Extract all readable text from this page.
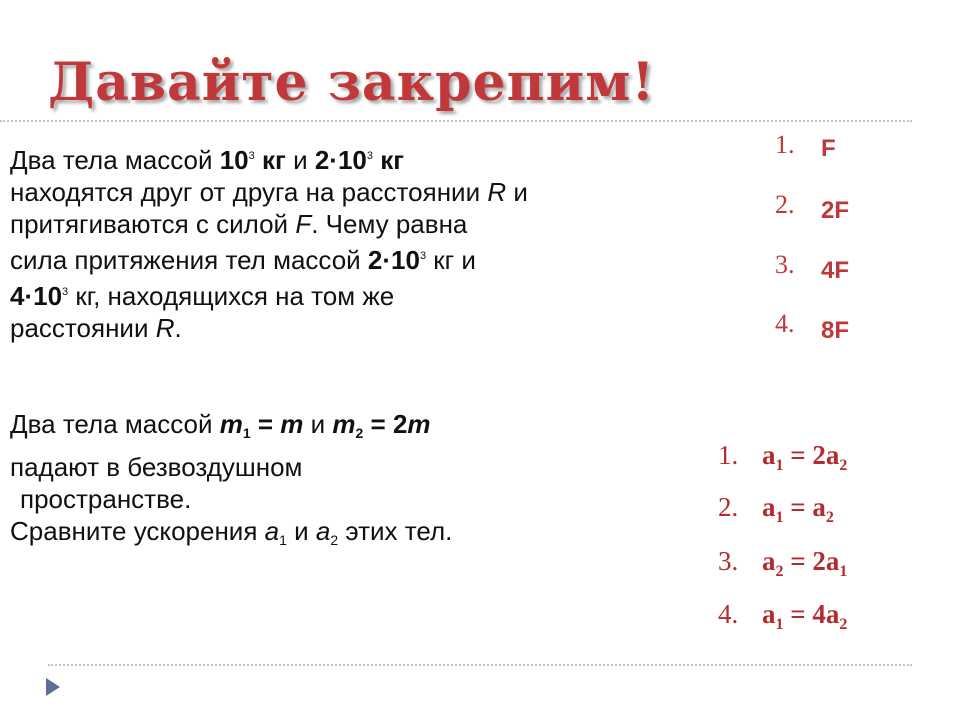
Давайте закрепим!
Два тела массой $10^3$ кг и $2\cdot 10^3$ кг
находятся друг от друга на расстоянии R и
притягиваются с силой F. Чему равна
сила притяжения тел массой $2\cdot 10^3$ кг и
$4\cdot 10^3$ кг, находящихся на том же
расстоянии R.
1. F
2. 2F
3. 4F
4. 8F
Два тела массой $m_1 = m$ и $m_2 = 2m$
падают в безвоздушном
пространстве.
Сравните ускорения $a_1$ и $a_2$ этих тел.
1. $a_1 = 2a_2$
2. $a_1 = a_2$
3. $a_2 = 2a_1$
4. $a_1 = 4a_2$
